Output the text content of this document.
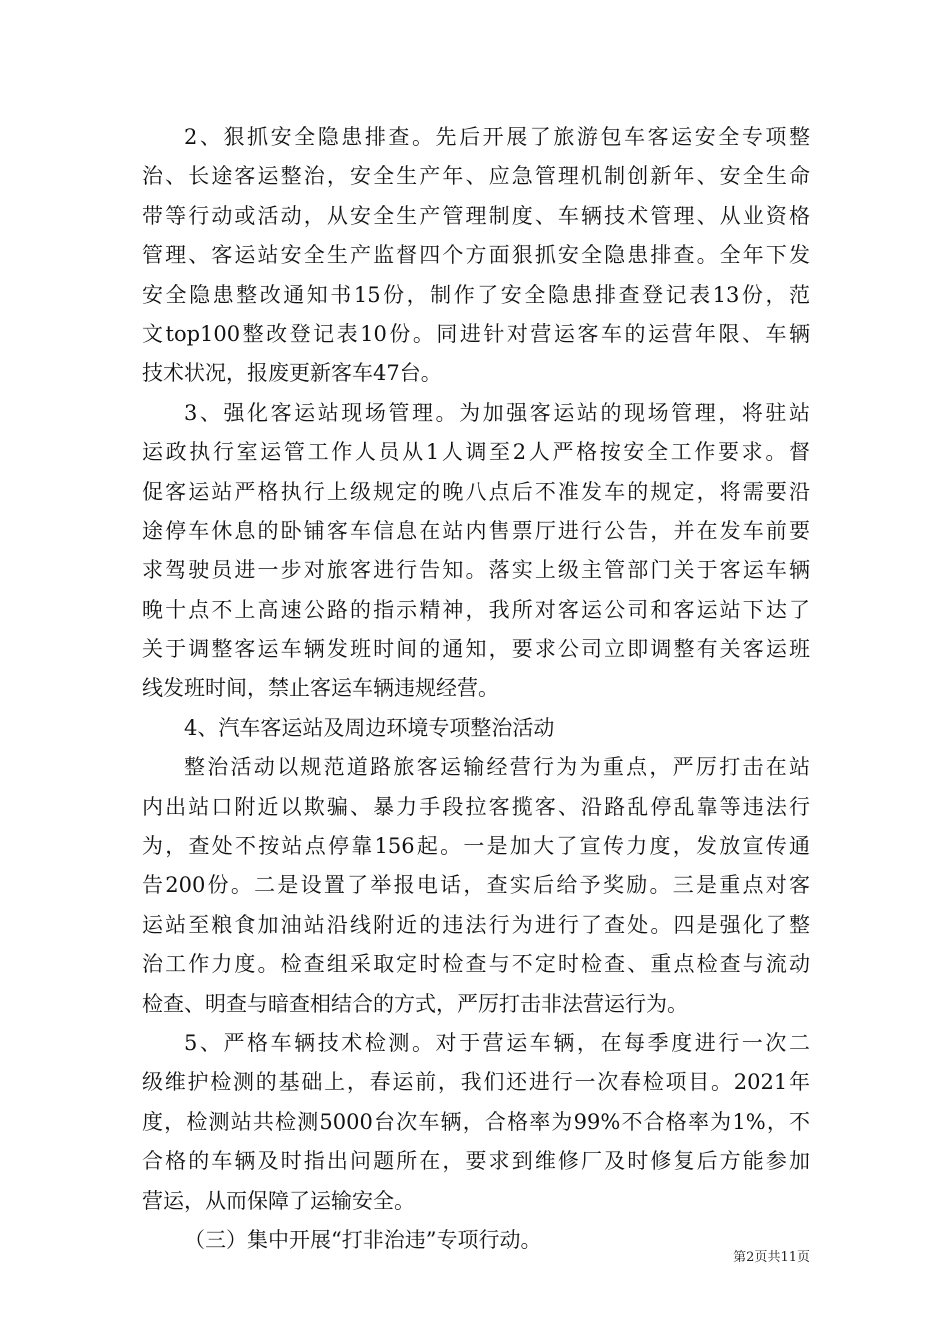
2、狠抓安全隐患排查。先后开展了旅游包车客运安全专项整
治、长途客运整治，安全生产年、应急管理机制创新年、安全生命
带等行动或活动，从安全生产管理制度、车辆技术管理、从业资格
管理、客运站安全生产监督四个方面狠抓安全隐患排查。全年下发
安全隐患整改通知书15份，制作了安全隐患排查登记表13份，范
文top100整改登记表10份。同进针对营运客车的运营年限、车辆
技术状况，报废更新客车47台。
3、强化客运站现场管理。为加强客运站的现场管理，将驻站
运政执行室运管工作人员从1人调至2人严格按安全工作要求。督
促客运站严格执行上级规定的晚八点后不准发车的规定，将需要沿
途停车休息的卧铺客车信息在站内售票厅进行公告，并在发车前要
求驾驶员进一步对旅客进行告知。落实上级主管部门关于客运车辆
晚十点不上高速公路的指示精神，我所对客运公司和客运站下达了
关于调整客运车辆发班时间的通知，要求公司立即调整有关客运班
线发班时间，禁止客运车辆违规经营。
4、汽车客运站及周边环境专项整治活动
整治活动以规范道路旅客运输经营行为为重点，严厉打击在站
内出站口附近以欺骗、暴力手段拉客揽客、沿路乱停乱靠等违法行
为，查处不按站点停靠156起。一是加大了宣传力度，发放宣传通
告200份。二是设置了举报电话，查实后给予奖励。三是重点对客
运站至粮食加油站沿线附近的违法行为进行了查处。四是强化了整
治工作力度。检查组采取定时检查与不定时检查、重点检查与流动
检查、明查与暗查相结合的方式，严厉打击非法营运行为。
5、严格车辆技术检测。对于营运车辆，在每季度进行一次二
级维护检测的基础上，春运前，我们还进行一次春检项目。2021年
度，检测站共检测5000台次车辆，合格率为99%不合格率为1%，不
合格的车辆及时指出问题所在，要求到维修厂及时修复后方能参加
营运，从而保障了运输安全。
（三）集中开展“打非治违”专项行动。
第2页共11页
